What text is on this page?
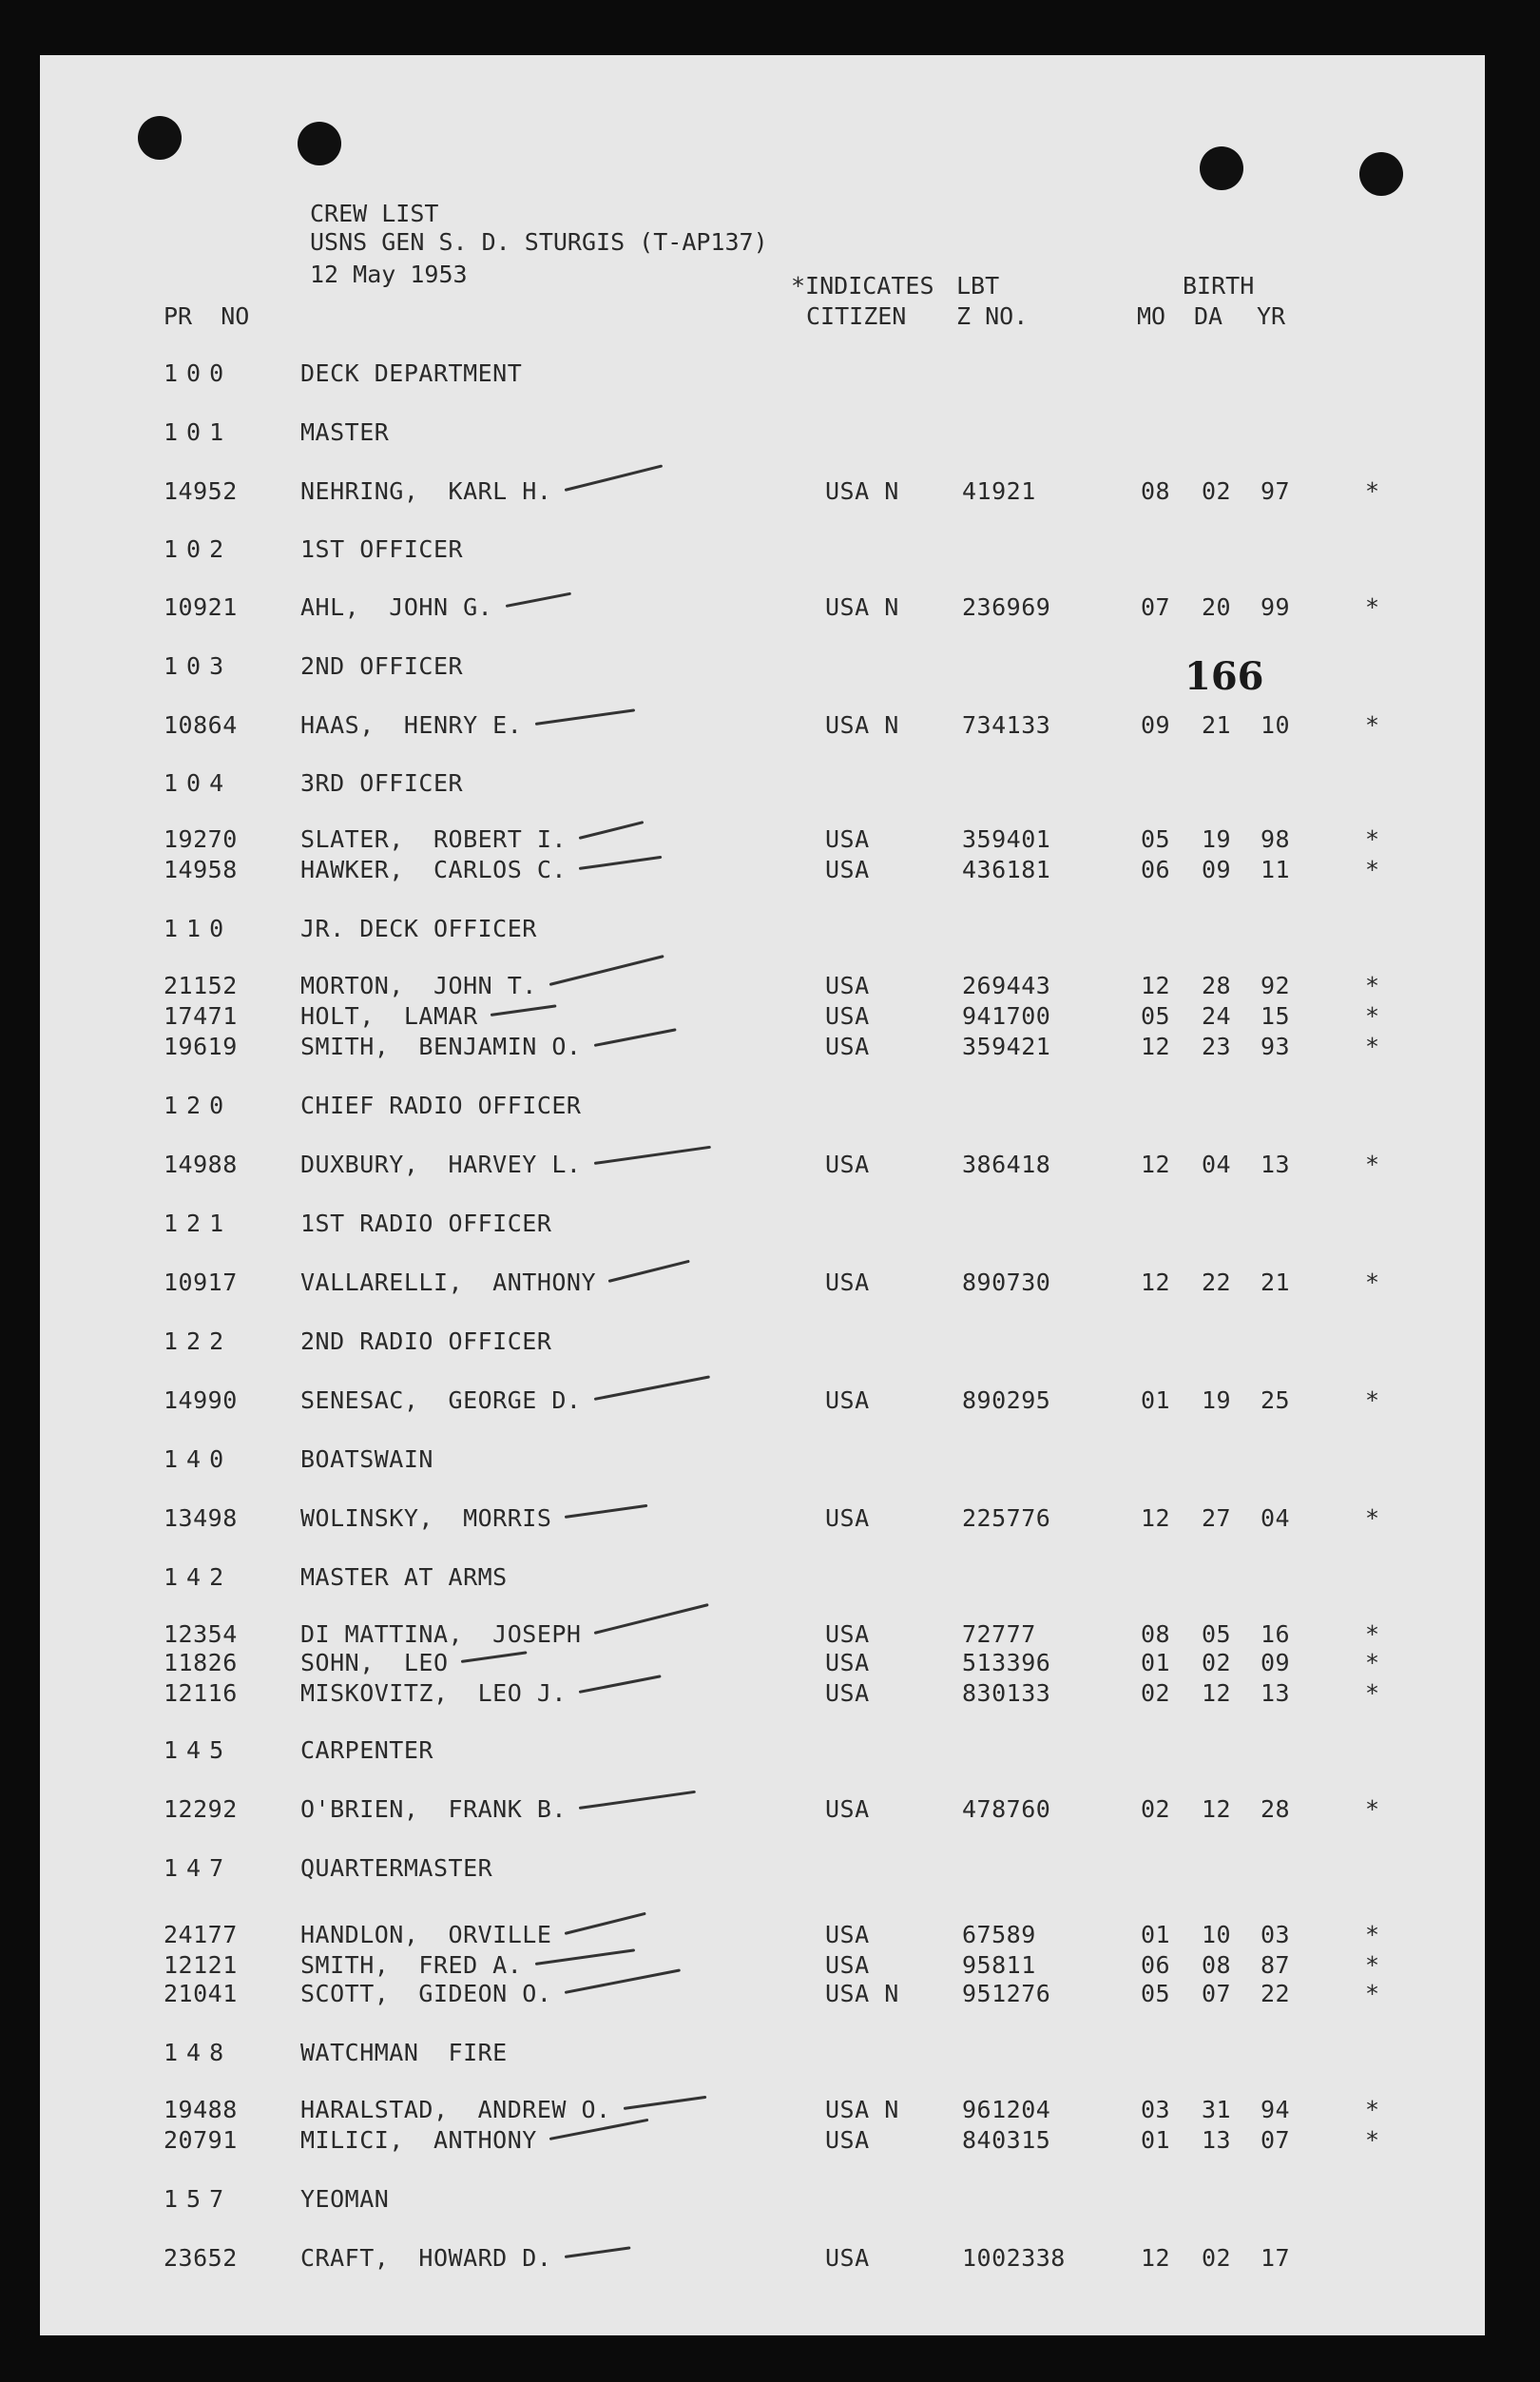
CREW LIST
USNS GEN S. D. STURGIS (T-AP137)
12 May 1953
PR  NO
*INDICATES
CITIZEN
LBT
Z NO.
BIRTH
MO DA YR
166
100	DECK DEPARTMENT
101	MASTER
14952	NEHRING,  KARL H.	USA N	41921	08 02 97	*
102	1ST OFFICER
10921	AHL,  JOHN G.	USA N	236969	07 20 99	*
103	2ND OFFICER
10864	HAAS,  HENRY E.	USA N	734133	09 21 10	*
104	3RD OFFICER
19270	SLATER,  ROBERT I.	USA	359401	05 19 98	*
14958	HAWKER,  CARLOS C.	USA	436181	06 09 11	*
110	JR. DECK OFFICER
21152	MORTON,  JOHN T.	USA	269443	12 28 92	*
17471	HOLT,  LAMAR	USA	941700	05 24 15	*
19619	SMITH,  BENJAMIN O.	USA	359421	12 23 93	*
120	CHIEF RADIO OFFICER
14988	DUXBURY,  HARVEY L.	USA	386418	12 04 13	*
121	1ST RADIO OFFICER
10917	VALLARELLI,  ANTHONY	USA	890730	12 22 21	*
122	2ND RADIO OFFICER
14990	SENESAC,  GEORGE D.	USA	890295	01 19 25	*
140	BOATSWAIN
13498	WOLINSKY,  MORRIS	USA	225776	12 27 04	*
142	MASTER AT ARMS
12354	DI MATTINA,  JOSEPH	USA	72777	08 05 16	*
11826	SOHN,  LEO	USA	513396	01 02 09	*
12116	MISKOVITZ,  LEO J.	USA	830133	02 12 13	*
145	CARPENTER
12292	O'BRIEN,  FRANK B.	USA	478760	02 12 28	*
147	QUARTERMASTER
24177	HANDLON,  ORVILLE	USA	67589	01 10 03	*
12121	SMITH,  FRED A.	USA	95811	06 08 87	*
21041	SCOTT,  GIDEON O.	USA N	951276	05 07 22	*
148	WATCHMAN  FIRE
19488	HARALSTAD,  ANDREW O.	USA N	961204	03 31 94	*
20791	MILICI,  ANTHONY	USA	840315	01 13 07	*
157	YEOMAN
23652	CRAFT,  HOWARD D.	USA	1002338	12 02 17
